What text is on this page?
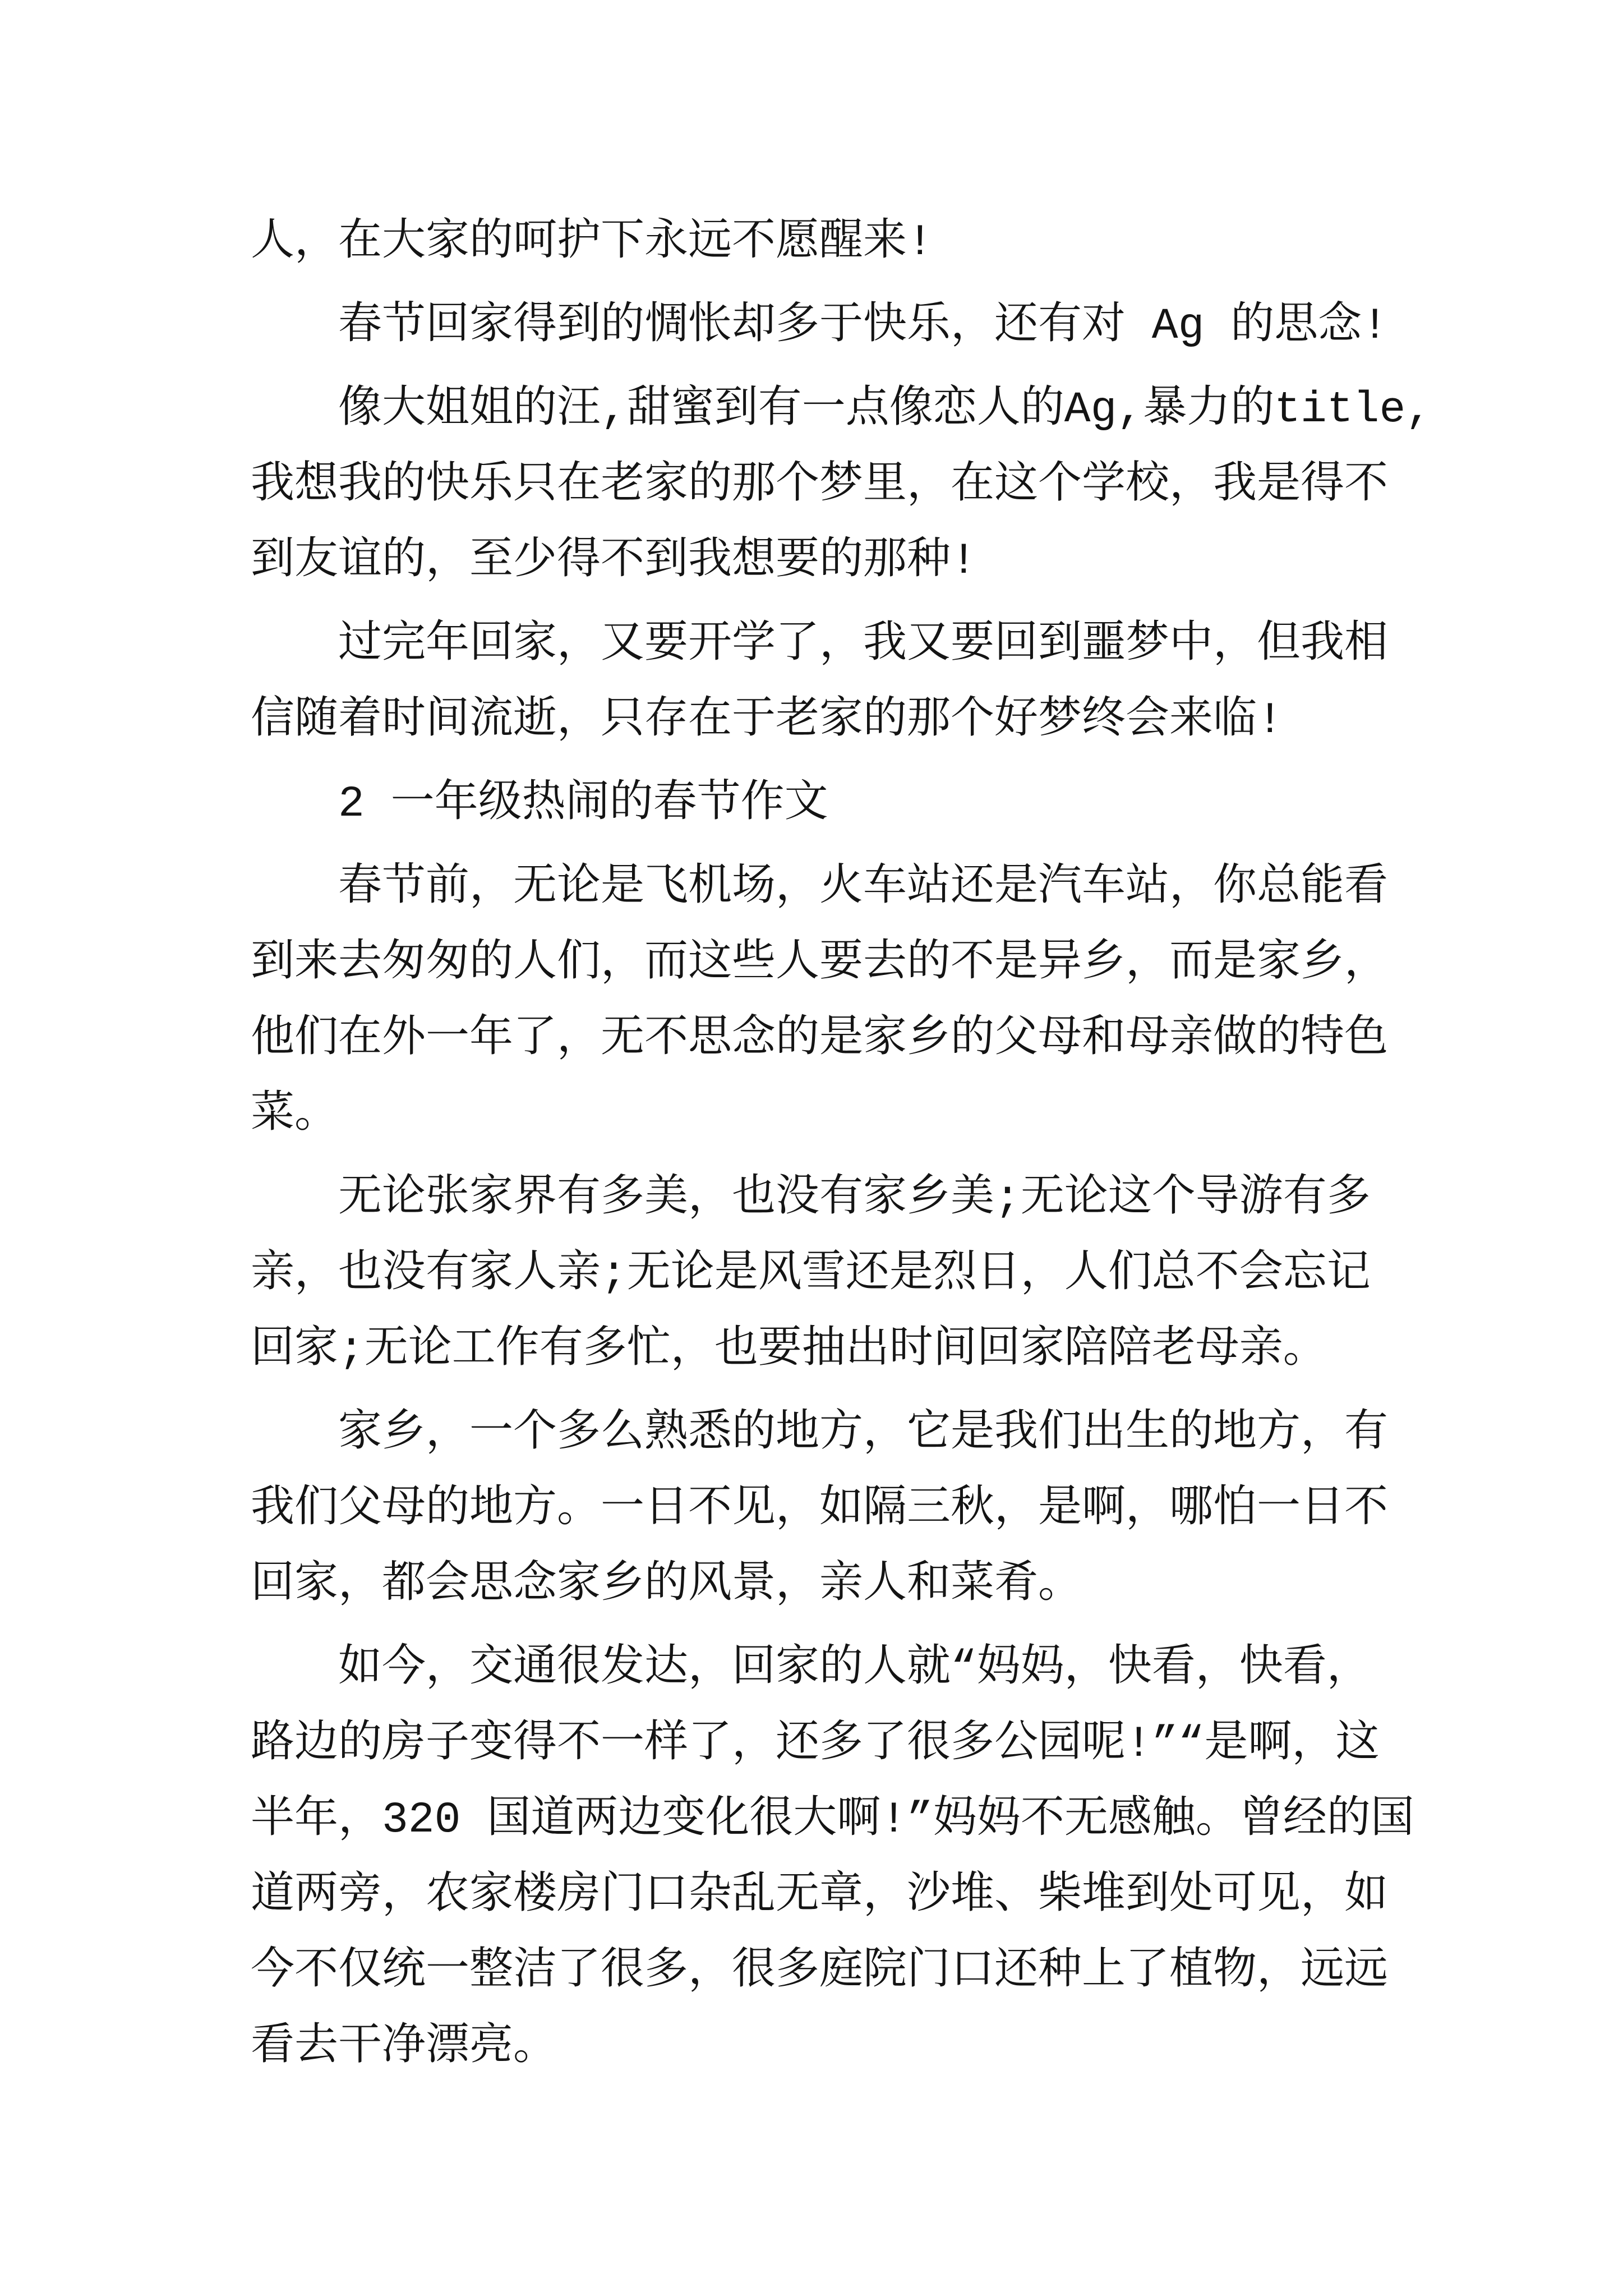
人，在大家的呵护下永远不愿醒来!
春节回家得到的惆怅却多于快乐，还有对 Ag 的思念!
像大姐姐的汪,甜蜜到有一点像恋人的Ag,暴力的title,
我想我的快乐只在老家的那个梦里，在这个学校，我是得不
到友谊的，至少得不到我想要的那种!
过完年回家，又要开学了，我又要回到噩梦中，但我相
信随着时间流逝，只存在于老家的那个好梦终会来临!
2 一年级热闹的春节作文
春节前，无论是飞机场，火车站还是汽车站，你总能看
到来去匆匆的人们，而这些人要去的不是异乡，而是家乡，
他们在外一年了，无不思念的是家乡的父母和母亲做的特色
菜。
无论张家界有多美，也没有家乡美;无论这个导游有多
亲，也没有家人亲;无论是风雪还是烈日，人们总不会忘记
回家;无论工作有多忙，也要抽出时间回家陪陪老母亲。
家乡，一个多么熟悉的地方，它是我们出生的地方，有
我们父母的地方。一日不见，如隔三秋，是啊，哪怕一日不
回家，都会思念家乡的风景，亲人和菜肴。
如今，交通很发达，回家的人就“妈妈，快看，快看，
路边的房子变得不一样了，还多了很多公园呢!”“是啊，这
半年，320 国道两边变化很大啊!”妈妈不无感触。曾经的国
道两旁，农家楼房门口杂乱无章，沙堆、柴堆到处可见，如
今不仅统一整洁了很多，很多庭院门口还种上了植物，远远
看去干净漂亮。
